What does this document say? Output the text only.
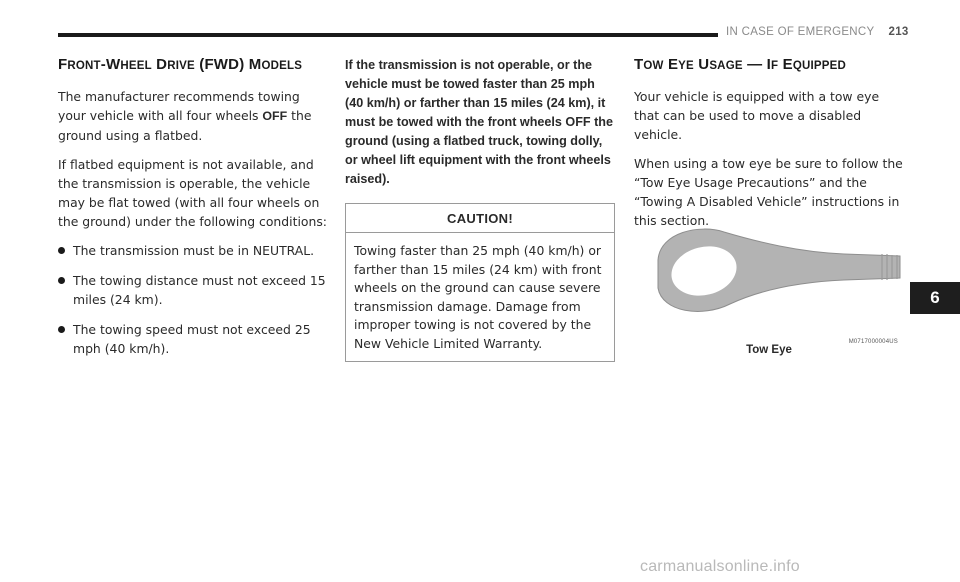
IN CASE OF EMERGENCY 213
FRONT-WHEEL DRIVE (FWD) MODELS

The manufacturer recommends towing your vehicle with all four wheels OFF the ground using a flatbed.

If flatbed equipment is not available, and the transmission is operable, the vehicle may be flat towed (with all four wheels on the ground) under the following conditions:

The transmission must be in NEUTRAL.
The towing distance must not exceed 15 miles (24 km).
The towing speed must not exceed 25 mph (40 km/h).
If the transmission is not operable, or the vehicle must be towed faster than 25 mph (40 km/h) or farther than 15 miles (24 km), it must be towed with the front wheels OFF the ground (using a flatbed truck, towing dolly, or wheel lift equipment with the front wheels raised).
CAUTION!
Towing faster than 25 mph (40 km/h) or farther than 15 miles (24 km) with front wheels on the ground can cause severe transmission damage. Damage from improper towing is not covered by the New Vehicle Limited Warranty.
TOW EYE USAGE — IF EQUIPPED

Your vehicle is equipped with a tow eye that can be used to move a disabled vehicle.

When using a tow eye be sure to follow the “Tow Eye Usage Precautions” and the “Towing A Disabled Vehicle” instructions in this section.

M0717000004US
Tow Eye
6
carmanualsonline.info
